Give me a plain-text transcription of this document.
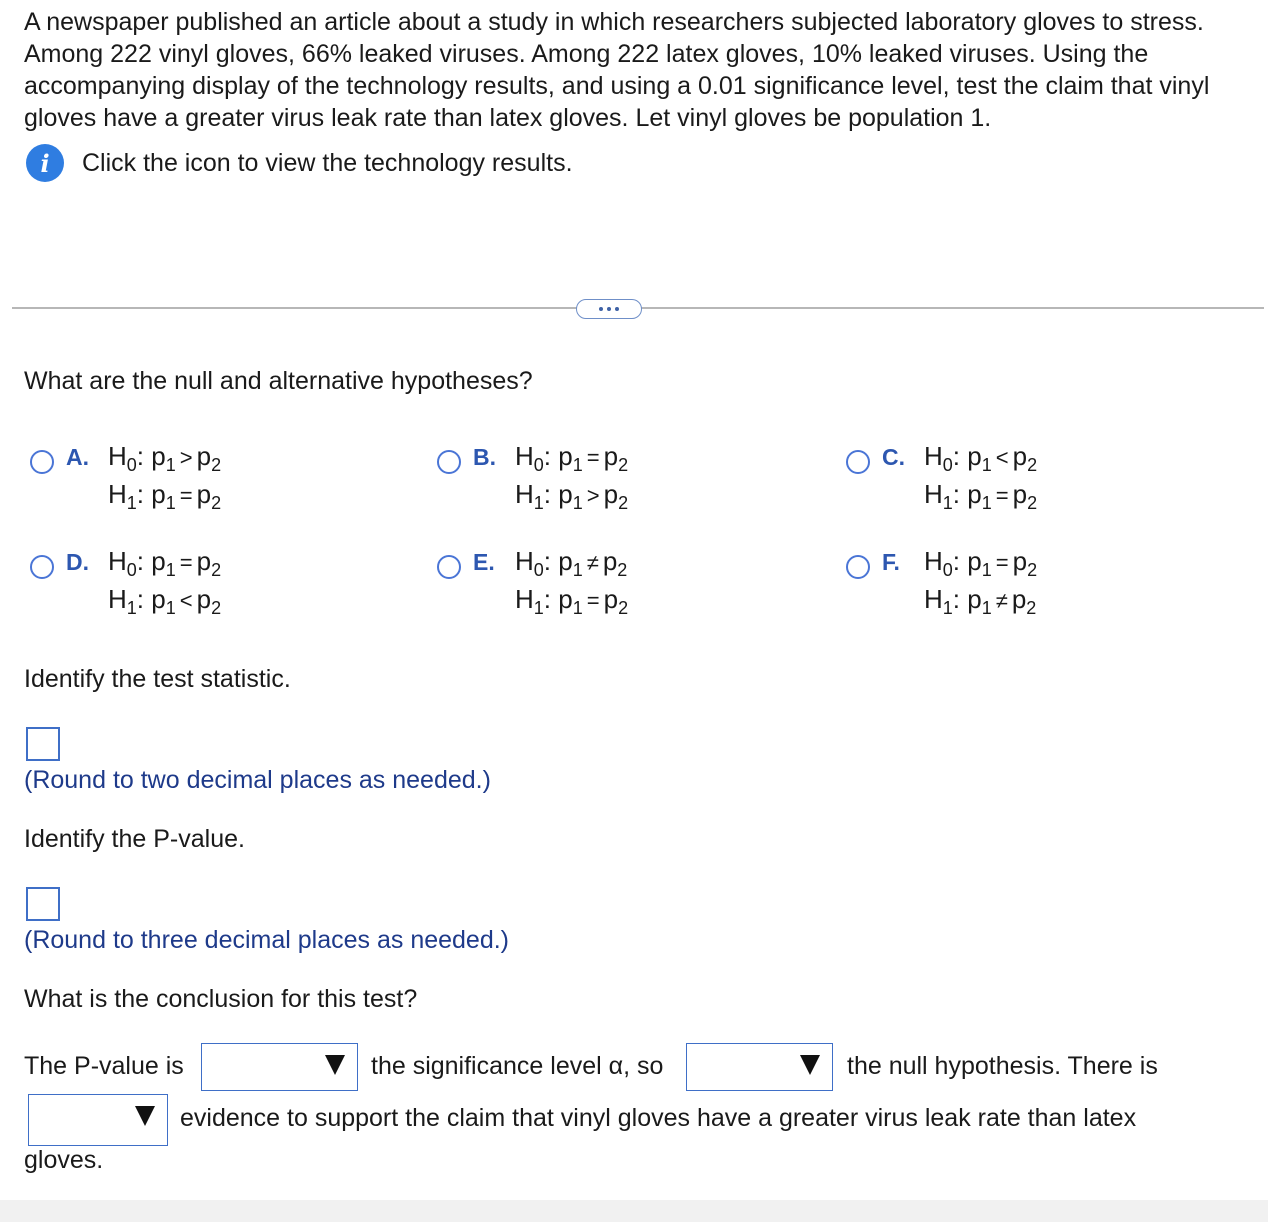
A newspaper published an article about a study in which researchers subjected laboratory gloves to stress. Among 222 vinyl gloves, 66% leaked viruses. Among 222 latex gloves, 10% leaked viruses. Using the accompanying display of the technology results, and using a 0.01 significance level, test the claim that vinyl gloves have a greater virus leak rate than latex gloves. Let vinyl gloves be population 1.
i	Click the icon to view the technology results.
What are the null and alternative hypotheses?
A. $H_0$: $p_1 > p_2$
$H_1$: $p_1 = p_2$
B. $H_0$: $p_1 = p_2$
$H_1$: $p_1 > p_2$
C. $H_0$: $p_1 < p_2$
$H_1$: $p_1 = p_2$
D. $H_0$: $p_1 = p_2$
$H_1$: $p_1 < p_2$
E. $H_0$: $p_1 \ne p_2$
$H_1$: $p_1 = p_2$
F. $H_0$: $p_1 = p_2$
$H_1$: $p_1 \ne p_2$
Identify the test statistic.
(Round to two decimal places as needed.)
Identify the P-value.
(Round to three decimal places as needed.)
What is the conclusion for this test?
The P-value is	the significance level α, so	the null hypothesis. There is
evidence to support the claim that vinyl gloves have a greater virus leak rate than latex
gloves.
